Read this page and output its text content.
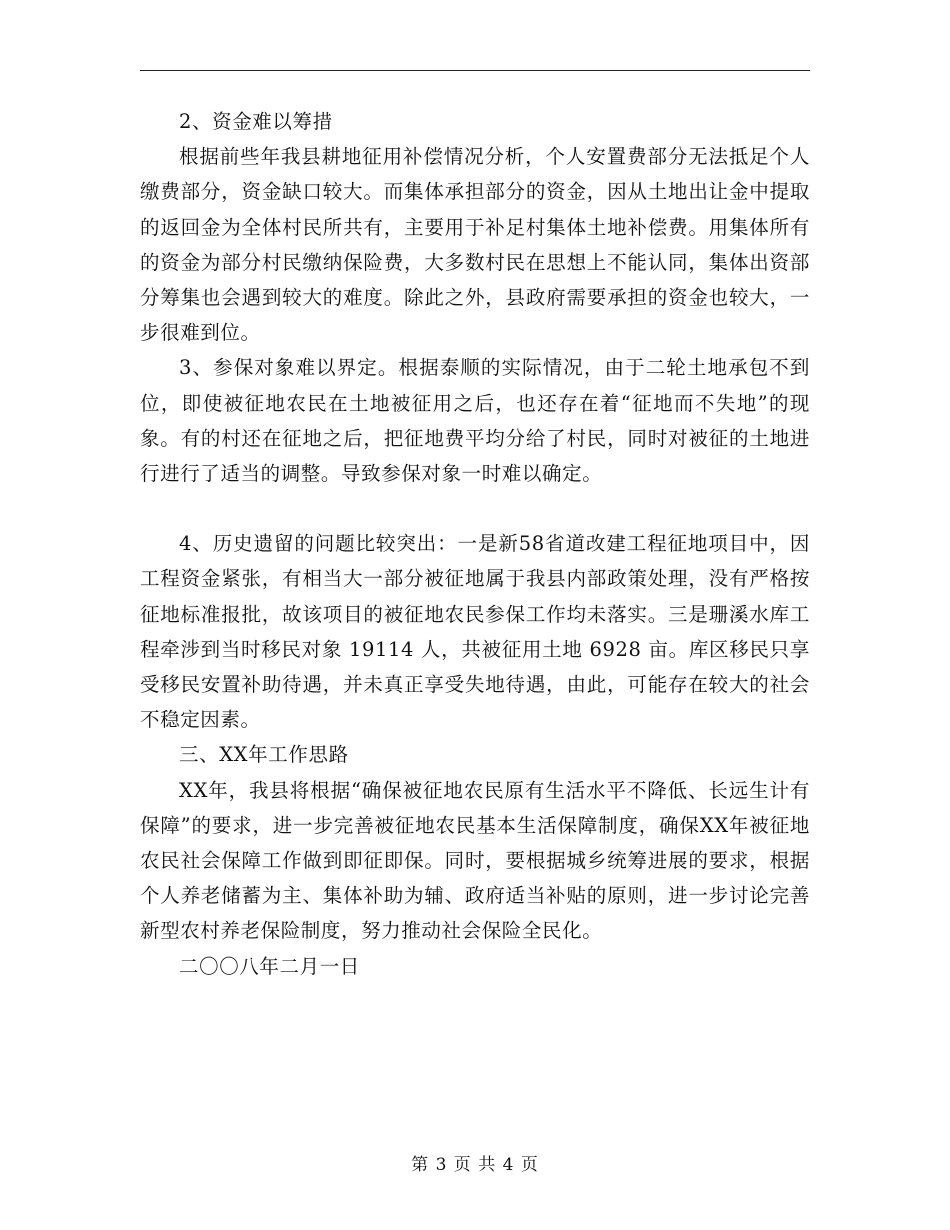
2、资金难以筹措

根据前些年我县耕地征用补偿情况分析，个人安置费部分无法抵足个人缴费部分，资金缺口较大。而集体承担部分的资金，因从土地出让金中提取的返回金为全体村民所共有，主要用于补足村集体土地补偿费。用集体所有的资金为部分村民缴纳保险费，大多数村民在思想上不能认同，集体出资部分筹集也会遇到较大的难度。除此之外，县政府需要承担的资金也较大，一步很难到位。

3、参保对象难以界定。根据泰顺的实际情况，由于二轮土地承包不到位，即使被征地农民在土地被征用之后，也还存在着“征地而不失地”的现象。有的村还在征地之后，把征地费平均分给了村民，同时对被征的土地进行进行了适当的调整。导致参保对象一时难以确定。

4、历史遗留的问题比较突出：一是新58省道改建工程征地项目中，因工程资金紧张，有相当大一部分被征地属于我县内部政策处理，没有严格按征地标准报批，故该项目的被征地农民参保工作均未落实。三是珊溪水库工程牵涉到当时移民对象 19114 人，共被征用土地 6928 亩。库区移民只享受移民安置补助待遇，并未真正享受失地待遇，由此，可能存在较大的社会不稳定因素。

三、XX年工作思路

XX年，我县将根据“确保被征地农民原有生活水平不降低、长远生计有保障”的要求，进一步完善被征地农民基本生活保障制度，确保XX年被征地农民社会保障工作做到即征即保。同时，要根据城乡统筹进展的要求，根据个人养老储蓄为主、集体补助为辅、政府适当补贴的原则，进一步讨论完善新型农村养老保险制度，努力推动社会保险全民化。

二〇〇八年二月一日

第 3 页 共 4 页
